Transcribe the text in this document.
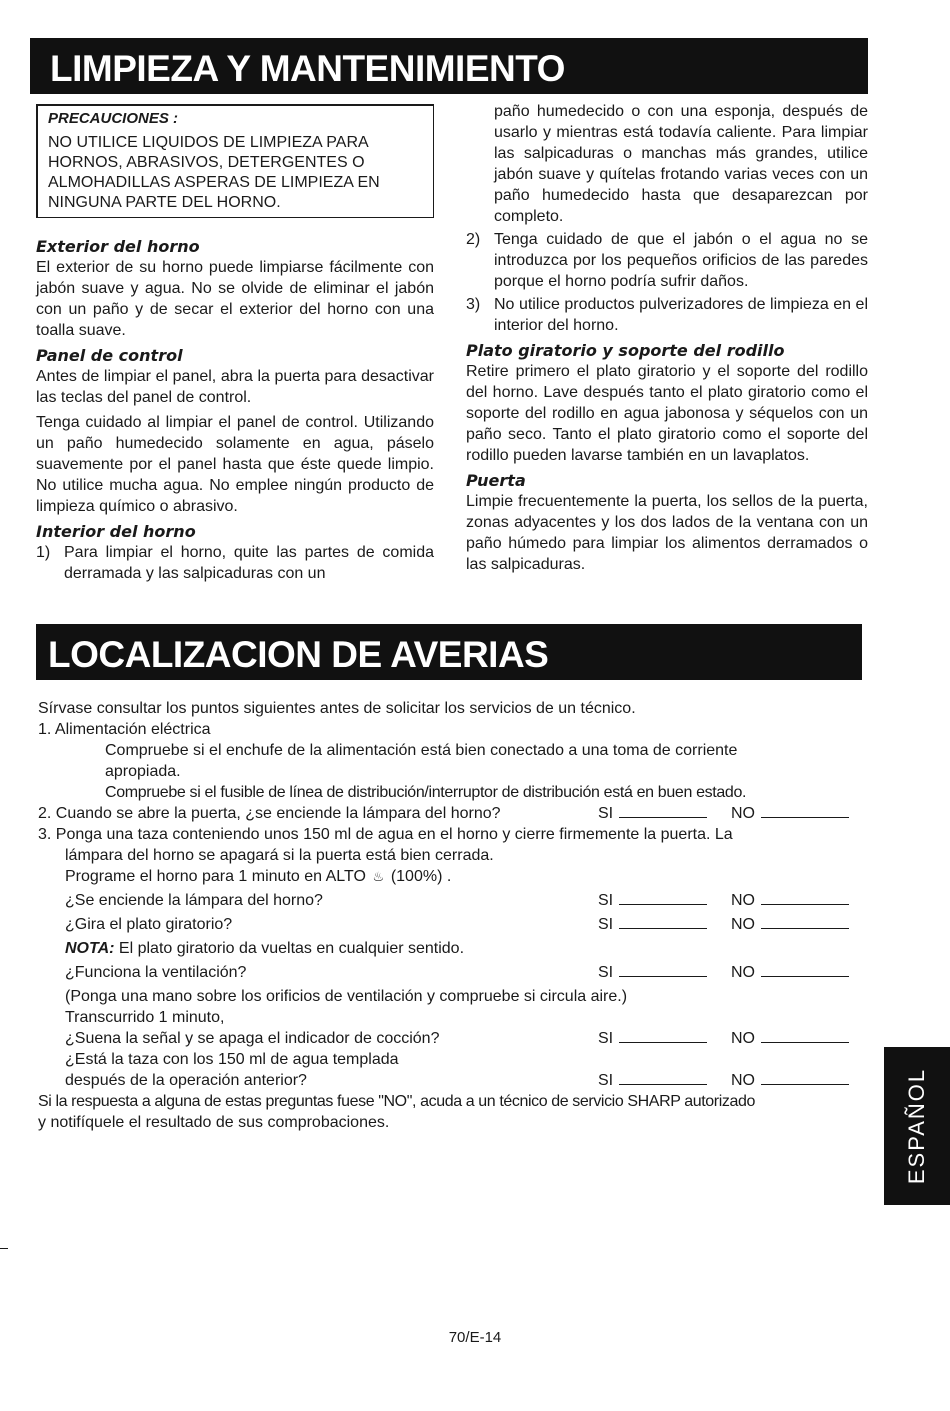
LIMPIEZA Y MANTENIMIENTO
PRECAUCIONES :
NO UTILICE LIQUIDOS DE LIMPIEZA PARA HORNOS, ABRASIVOS, DETERGENTES O ALMOHADILLAS ASPERAS DE LIMPIEZA EN NINGUNA PARTE DEL HORNO.
Exterior del horno

El exterior de su horno puede limpiarse fácilmente con jabón suave y agua. No se olvide de eliminar el jabón con un paño y de secar el exterior del horno con una toalla suave.

Panel de control

Antes de limpiar el panel, abra la puerta para desactivar las teclas del panel de control.

Tenga cuidado al limpiar el panel de control. Utilizando un paño humedecido solamente en agua, páselo suavemente por el panel hasta que éste quede limpio. No utilice mucha agua. No emplee ningún producto de limpieza químico o abrasivo.

Interior del horno
1) Para limpiar el horno, quite las partes de comida derramada y las salpicaduras con un
paño humedecido o con una esponja, después de usarlo y mientras está todavía caliente. Para limpiar las salpicaduras o manchas más grandes, utilice jabón suave y quítelas frotando varias veces con un paño humedecido hasta que desaparezcan por completo.
2) Tenga cuidado de que el jabón o el agua no se introduzca por los pequeños orificios de las paredes porque el horno podría sufrir daños.
3) No utilice productos pulverizadores de limpieza en el interior del horno.
Plato giratorio y soporte del rodillo

Retire primero el plato giratorio y el soporte del rodillo del horno. Lave después tanto el plato giratorio como el soporte del rodillo en agua jabonosa y séquelos con un paño seco. Tanto el plato giratorio como el soporte del rodillo pueden lavarse también en un lavaplatos.

Puerta

Limpie frecuentemente la puerta, los sellos de la puerta, zonas adyacentes y los dos lados de la ventana con un paño húmedo para limpiar los alimentos derramados o las salpicaduras.

LOCALIZACION DE AVERIAS
Sírvase consultar los puntos siguientes antes de solicitar los servicios de un técnico.
1. Alimentación eléctrica
Compruebe si el enchufe de la alimentación está bien conectado a una toma de corriente
apropiada.
Compruebe si el fusible de línea de distribución/interruptor de distribución está en buen estado.
2. Cuando se abre la puerta, ¿se enciende la lámpara del horno?	SI	NO
3. Ponga una taza conteniendo unos 150 ml de agua en el horno y cierre firmemente la puerta. La
lámpara del horno se apagará si la puerta está bien cerrada.
Programe el horno para 1 minuto en ALTO ♨ (100%) .
¿Se enciende la lámpara del horno?	SI	NO
¿Gira el plato giratorio?	SI	NO
NOTA: El plato giratorio da vueltas en cualquier sentido.
¿Funciona la ventilación?	SI	NO
(Ponga una mano sobre los orificios de ventilación y compruebe si circula aire.)
Transcurrido 1 minuto,
¿Suena la señal y se apaga el indicador de cocción?	SI	NO
¿Está la taza con los 150 ml de agua templada
después de la operación anterior?	SI	NO
Si la respuesta a alguna de estas preguntas fuese "NO", acuda a un técnico de servicio SHARP autorizado
y notifíquele el resultado de sus comprobaciones.	ESPAÑOL
70/E-14
